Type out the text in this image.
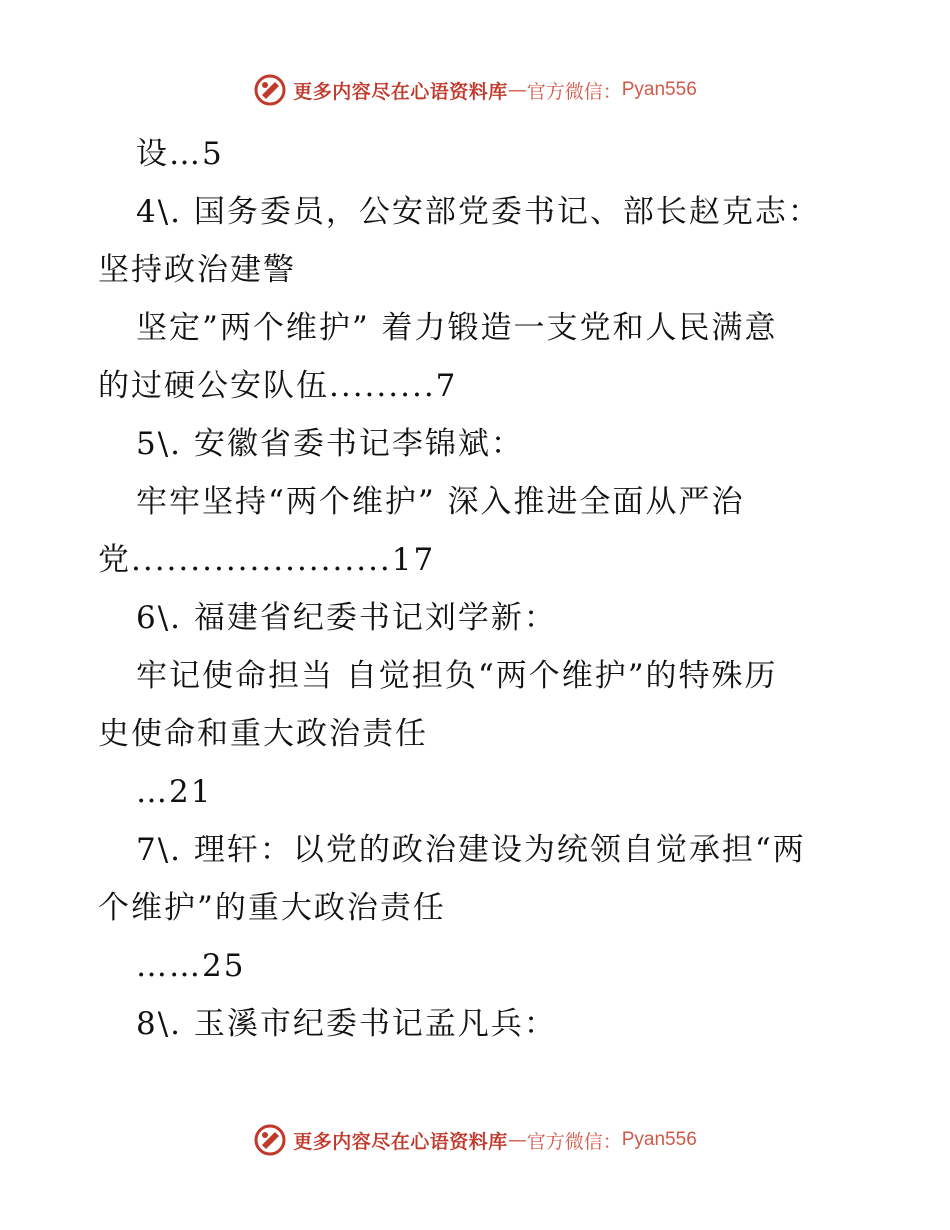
更多内容尽在心语资料库 — 官方微信： Pyan556
设…5
4\. 国务委员，公安部党委书记、部长赵克志：
坚持政治建警
坚定”两个维护” 着力锻造一支党和人民满意
的过硬公安队伍.........7
5\. 安徽省委书记李锦斌：
牢牢坚持“两个维护” 深入推进全面从严治
党......................17
6\. 福建省纪委书记刘学新：
牢记使命担当 自觉担负“两个维护”的特殊历
史使命和重大政治责任
…21
7\. 理轩：以党的政治建设为统领自觉承担“两
个维护”的重大政治责任
……25
8\. 玉溪市纪委书记孟凡兵：
更多内容尽在心语资料库 — 官方微信： Pyan556
